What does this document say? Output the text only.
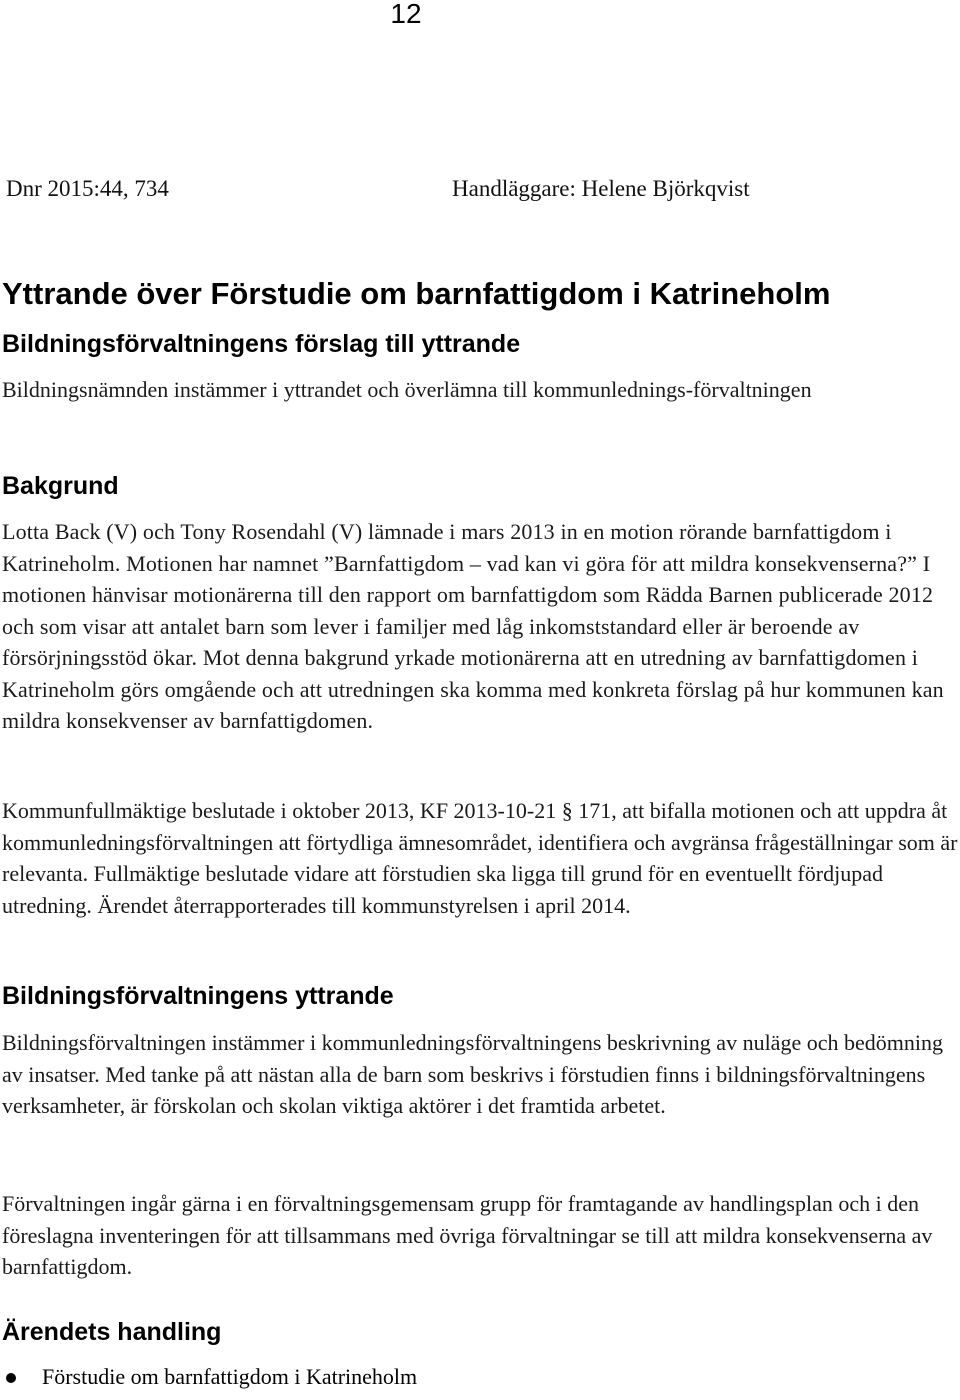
12
Dnr 2015:44, 734	Handläggare: Helene Björkqvist
Yttrande över Förstudie om barnfattigdom i Katrineholm
Bildningsförvaltningens förslag till yttrande

Bildningsnämnden instämmer i yttrandet och överlämna till kommunlednings-förvaltningen

Bakgrund

Lotta Back (V) och Tony Rosendahl (V) lämnade i mars 2013 in en motion rörande barnfattigdom i Katrineholm. Motionen har namnet ”Barnfattigdom – vad kan vi göra för att mildra konsekvenserna?” I motionen hänvisar motionärerna till den rapport om barnfattigdom som Rädda Barnen publicerade 2012 och som visar att antalet barn som lever i familjer med låg inkomststandard eller är beroende av försörjningsstöd ökar. Mot denna bakgrund yrkade motionärerna att en utredning av barnfattigdomen i Katrineholm görs omgående och att utredningen ska komma med konkreta förslag på hur kommunen kan mildra konsekvenser av barnfattigdomen.

Kommunfullmäktige beslutade i oktober 2013, KF 2013-10-21 § 171, att bifalla motionen och att uppdra åt kommunledningsförvaltningen att förtydliga ämnesområdet, identifiera och avgränsa frågeställningar som är relevanta. Fullmäktige beslutade vidare att förstudien ska ligga till grund för en eventuellt fördjupad utredning. Ärendet återrapporterades till kommunstyrelsen i april 2014.

Bildningsförvaltningens yttrande

Bildningsförvaltningen instämmer i kommunledningsförvaltningens beskrivning av nuläge och bedömning av insatser. Med tanke på att nästan alla de barn som beskrivs i förstudien finns i bildningsförvaltningens verksamheter, är förskolan och skolan viktiga aktörer i det framtida arbetet.

Förvaltningen ingår gärna i en förvaltningsgemensam grupp för framtagande av handlingsplan och i den föreslagna inventeringen för att tillsammans med övriga förvaltningar se till att mildra konsekvenserna av barnfattigdom.

Ärendets handling
Förstudie om barnfattigdom i Katrineholm
